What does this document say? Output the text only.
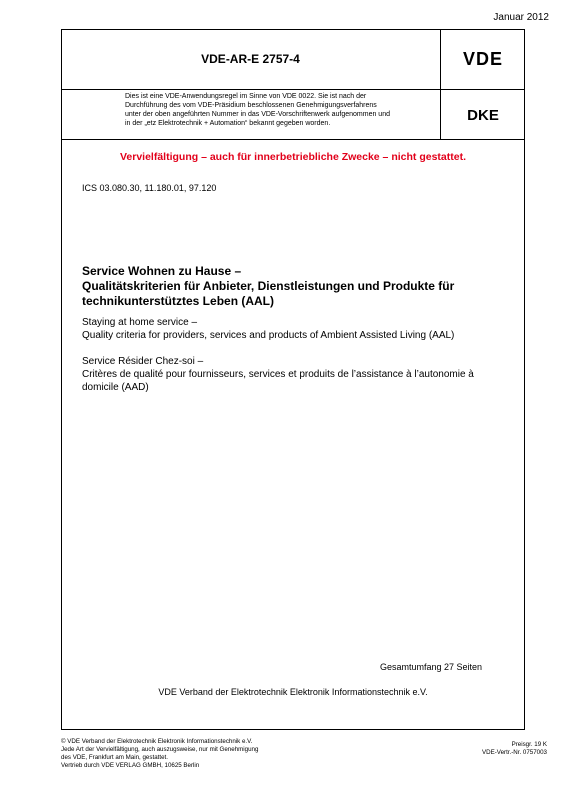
Januar 2012
VDE-AR-E 2757-4	VDE
Dies ist eine VDE-Anwendungsregel im Sinne von VDE 0022. Sie ist nach der
Durchführung des vom VDE-Präsidium beschlossenen Genehmigungsverfahrens
unter der oben angeführten Nummer in das VDE-Vorschriftenwerk aufgenommen und
in der „etz Elektrotechnik + Automation“ bekannt gegeben worden.	DKE
Vervielfältigung – auch für innerbetriebliche Zwecke – nicht gestattet.
ICS 03.080.30, 11.180.01, 97.120
Service Wohnen zu Hause –
Qualitätskriterien für Anbieter, Dienstleistungen und Produkte für
technikunterstütztes Leben (AAL)
Staying at home service –
Quality criteria for providers, services and products of Ambient Assisted Living (AAL)
Service Résider Chez-soi –
Critères de qualité pour fournisseurs, services et produits de l’assistance à l’autonomie à
domicile (AAD)
Gesamtumfang 27 Seiten
VDE Verband der Elektrotechnik Elektronik Informationstechnik e.V.
© VDE Verband der Elektrotechnik Elektronik Informationstechnik e.V.
Jede Art der Vervielfältigung, auch auszugsweise, nur mit Genehmigung
des VDE, Frankfurt am Main, gestattet.
Vertrieb durch VDE VERLAG GMBH, 10625 Berlin
Preisgr. 19 K
VDE-Vertr.-Nr. 0757003
